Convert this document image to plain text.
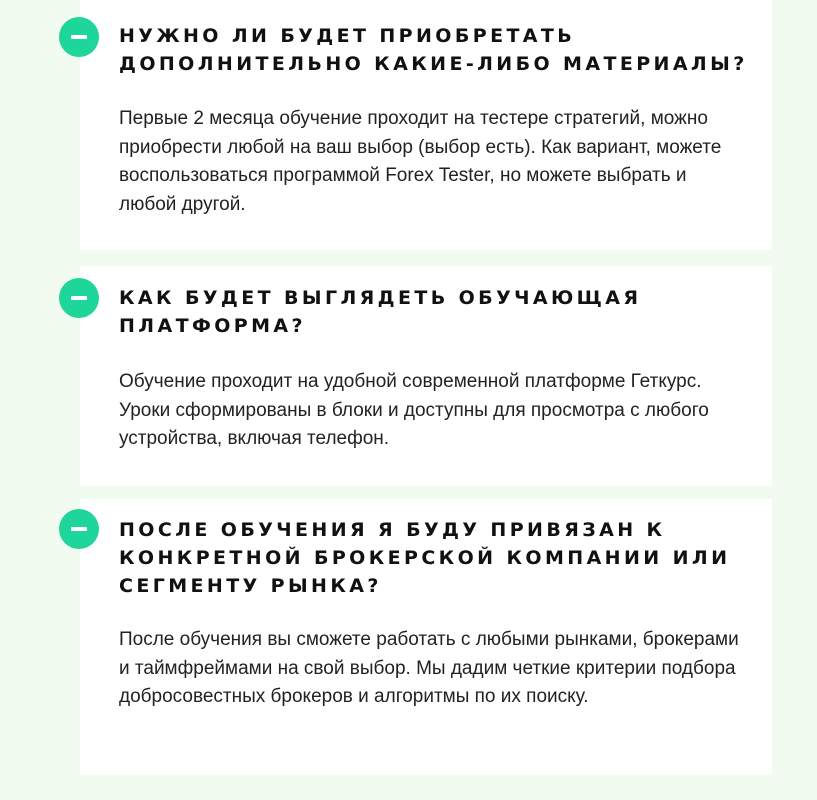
НУЖНО ЛИ БУДЕТ ПРИОБРЕТАТЬ ДОПОЛНИТЕЛЬНО КАКИЕ-ЛИБО МАТЕРИАЛЫ?

Первые 2 месяца обучение проходит на тестере стратегий, можно приобрести любой на ваш выбор (выбор есть). Как вариант, можете воспользоваться программой Forex Tester, но можете выбрать и любой другой.

КАК БУДЕТ ВЫГЛЯДЕТЬ ОБУЧАЮЩАЯ ПЛАТФОРМА?

Обучение проходит на удобной современной платформе Геткурс. Уроки сформированы в блоки и доступны для просмотра с любого устройства, включая телефон.

ПОСЛЕ ОБУЧЕНИЯ Я БУДУ ПРИВЯЗАН К КОНКРЕТНОЙ БРОКЕРСКОЙ КОМПАНИИ ИЛИ СЕГМЕНТУ РЫНКА?

После обучения вы сможете работать с любыми рынками, брокерами и таймфреймами на свой выбор. Мы дадим четкие критерии подбора добросовестных брокеров и алгоритмы по их поиску.
